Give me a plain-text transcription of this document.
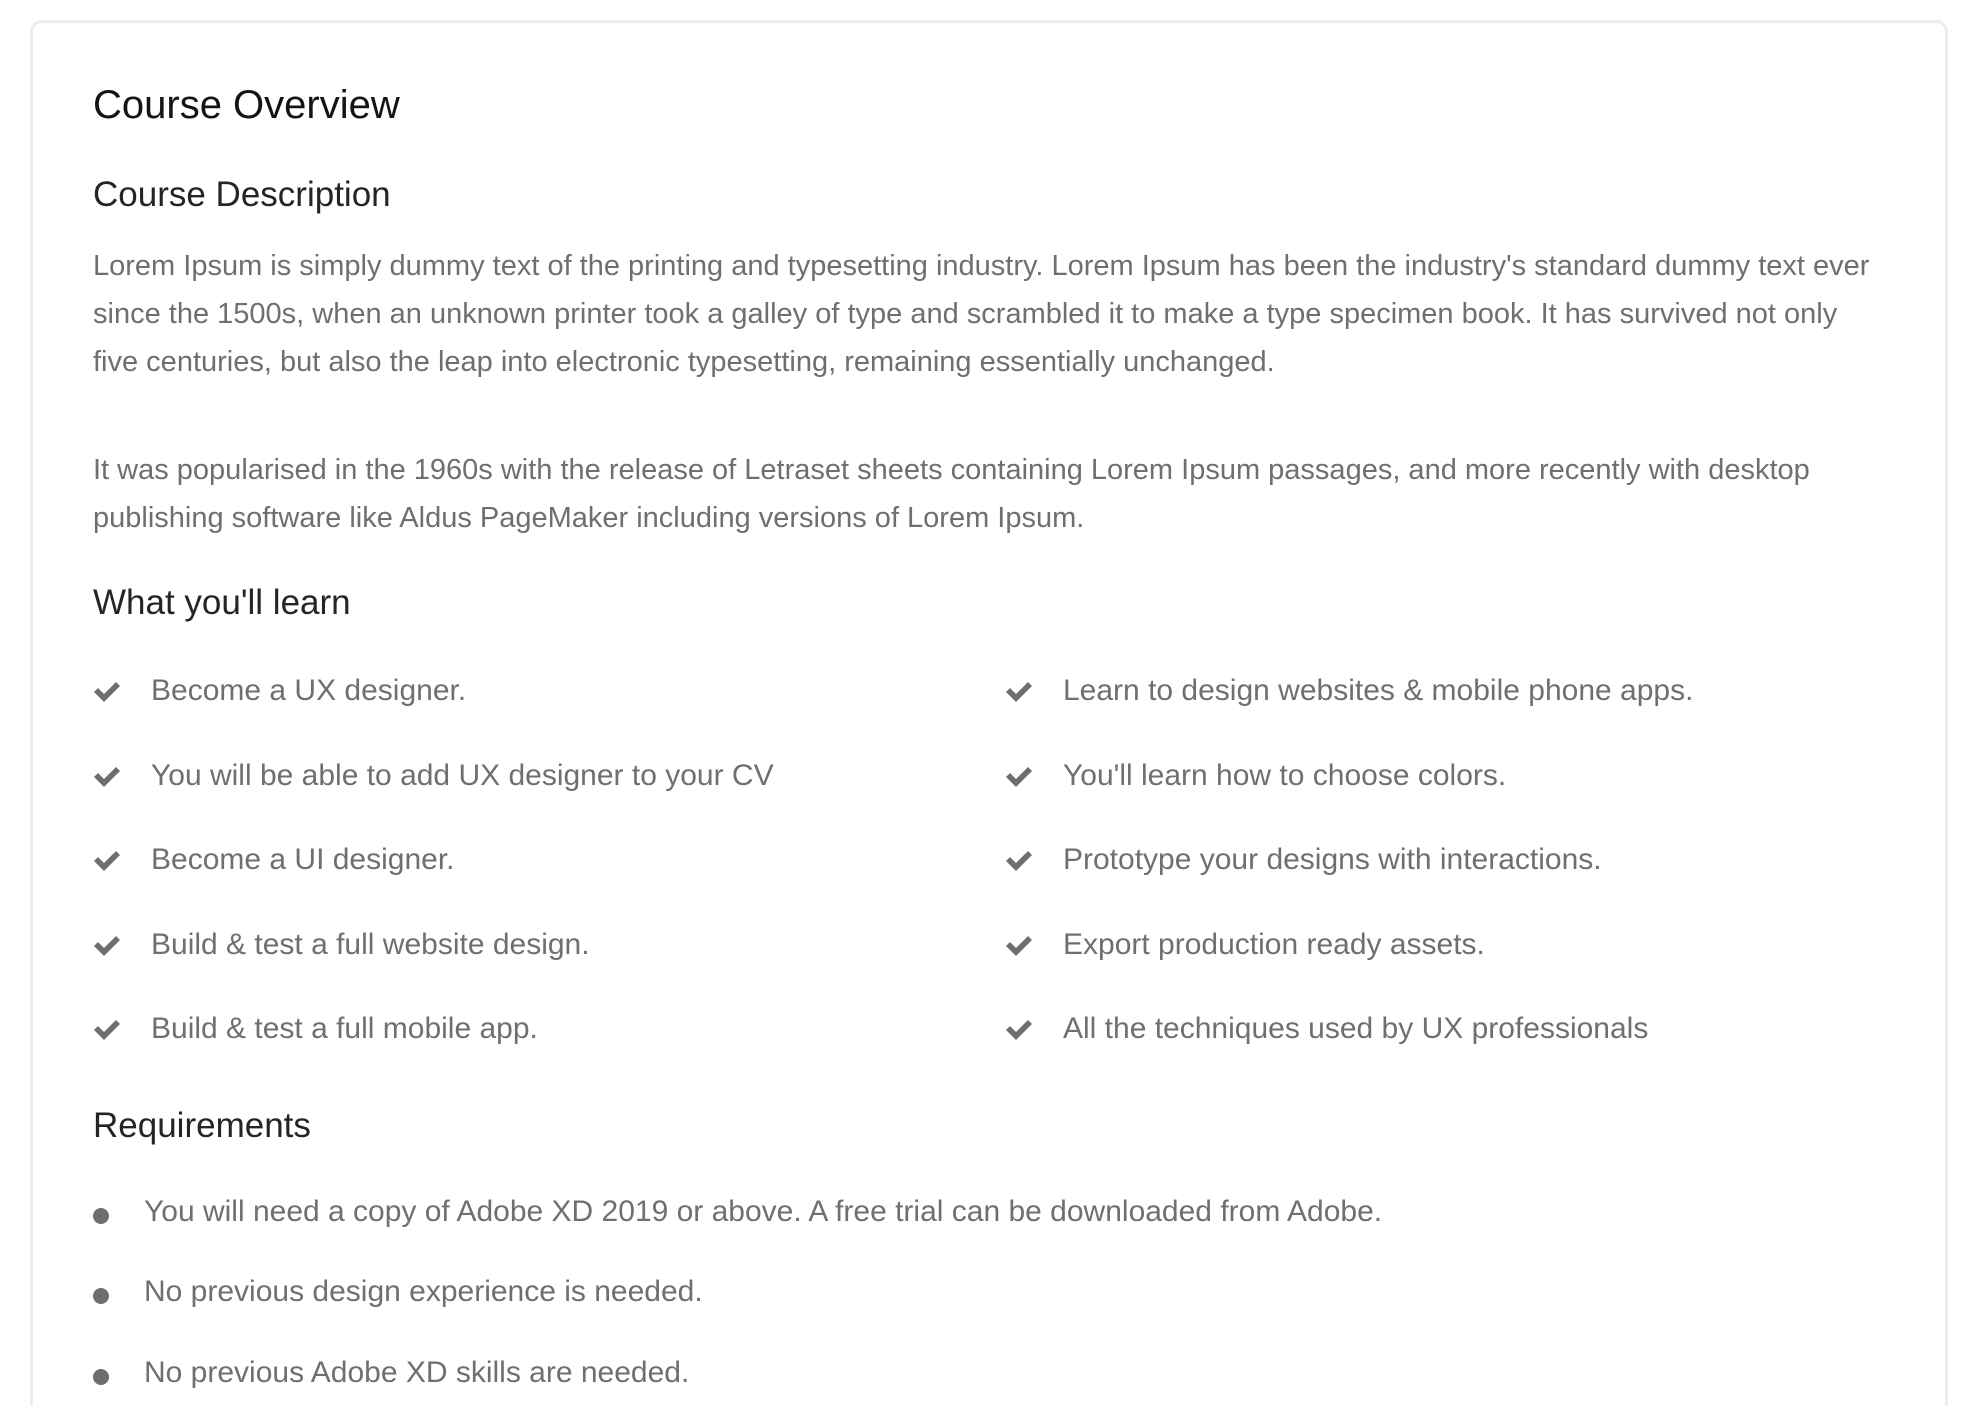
Course Overview
Course Description

Lorem Ipsum is simply dummy text of the printing and typesetting industry. Lorem Ipsum has been the industry's standard dummy text ever since the 1500s, when an unknown printer took a galley of type and scrambled it to make a type specimen book. It has survived not only five centuries, but also the leap into electronic typesetting, remaining essentially unchanged.

It was popularised in the 1960s with the release of Letraset sheets containing Lorem Ipsum passages, and more recently with desktop publishing software like Aldus PageMaker including versions of Lorem Ipsum.

What you'll learn
Become a UX designer.
You will be able to add UX designer to your CV
Become a UI designer.
Build & test a full website design.
Build & test a full mobile app.
Learn to design websites & mobile phone apps.
You'll learn how to choose colors.
Prototype your designs with interactions.
Export production ready assets.
All the techniques used by UX professionals
Requirements
You will need a copy of Adobe XD 2019 or above. A free trial can be downloaded from Adobe.
No previous design experience is needed.
No previous Adobe XD skills are needed.
